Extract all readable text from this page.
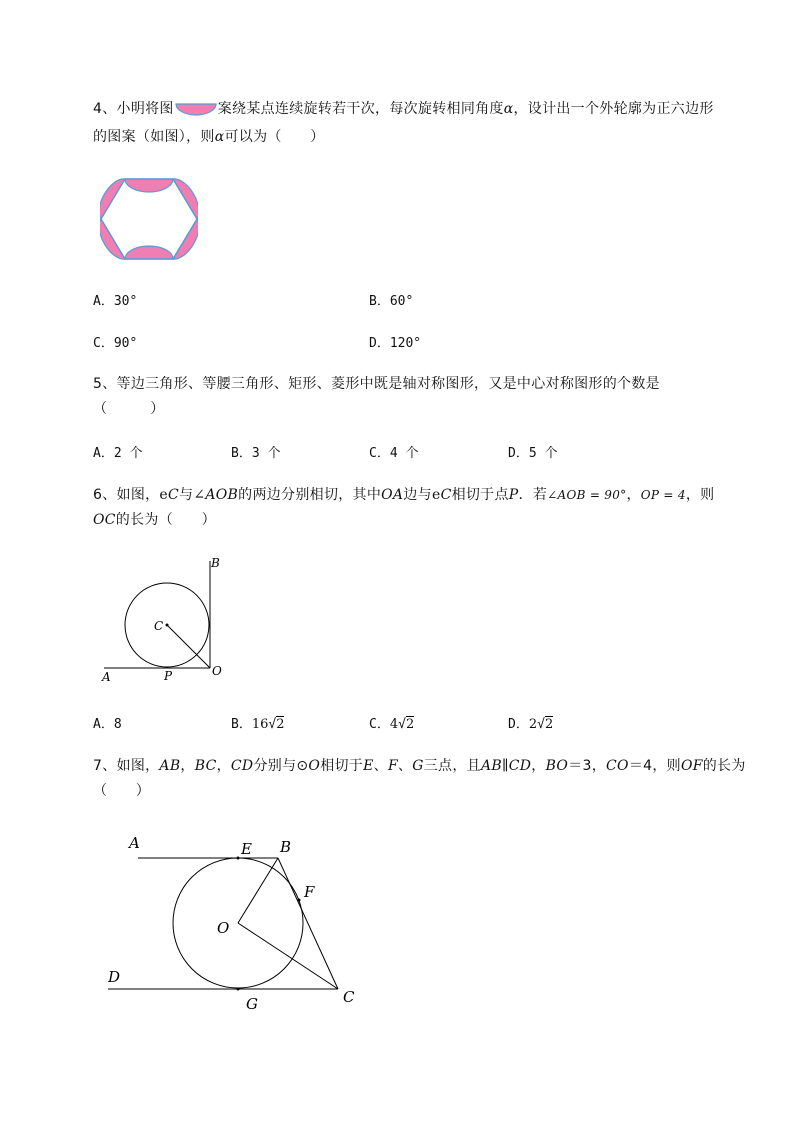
4、小明将图	案绕某点连续旋转若干次，每次旋转相同角度α，设计出一个外轮廓为正六边形
的图案（如图），则α可以为（　　）
A．30°	B．60°
C．90°	D．120°
5、等边三角形、等腰三角形、矩形、菱形中既是轴对称图形，又是中心对称图形的个数是
（　　　）
A．2 个	B．3 个	C．4 个	D．5 个
6、如图，eC与∠AOB的两边分别相切，其中OA边与eC相切于点P．若∠AOB = 90°，OP = 4，则
OC的长为（　　）
B
C
O
A	P
A．8	B．16√2	C．4√2	D．2√2
7、如图，AB，BC，CD分别与⊙O相切于E、F、G三点，且AB∥CD，BO＝3，CO＝4，则OF的长为
（　　）
A	E B
F
O
D
G	C
